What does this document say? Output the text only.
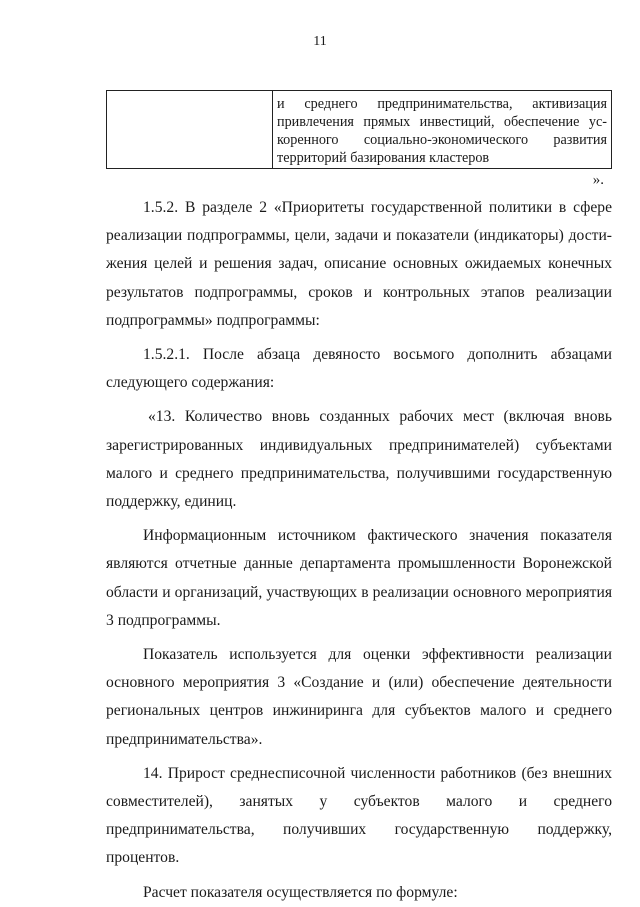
11
и среднего предпринимательства, активизация привлечения прямых инвестиций, обеспечение ускоренного социально-экономического развития территорий базирования кластеров
».

1.5.2. В разделе 2 «Приоритеты государственной политики в сфере реализации подпрограммы, цели, задачи и показатели (индикаторы) достижения целей и решения задач, описание основных ожидаемых конечных результатов подпрограммы, сроков и контрольных этапов реализации подпрограммы» подпрограммы:

1.5.2.1. После абзаца девяносто восьмого дополнить абзацами следующего содержания:

«13. Количество вновь созданных рабочих мест (включая вновь зарегистрированных индивидуальных предпринимателей) субъектами малого и среднего предпринимательства, получившими государственную поддержку, единиц.

Информационным источником фактического значения показателя являются отчетные данные департамента промышленности Воронежской области и организаций, участвующих в реализации основного мероприятия 3 подпрограммы.

Показатель используется для оценки эффективности реализации основного мероприятия 3 «Создание и (или) обеспечение деятельности региональных центров инжиниринга для субъектов малого и среднего предпринимательства».

14. Прирост среднесписочной численности работников (без внешних совместителей), занятых у субъектов малого и среднего предпринимательства, получивших государственную поддержку, процентов.

Расчет показателя осуществляется по формуле:
